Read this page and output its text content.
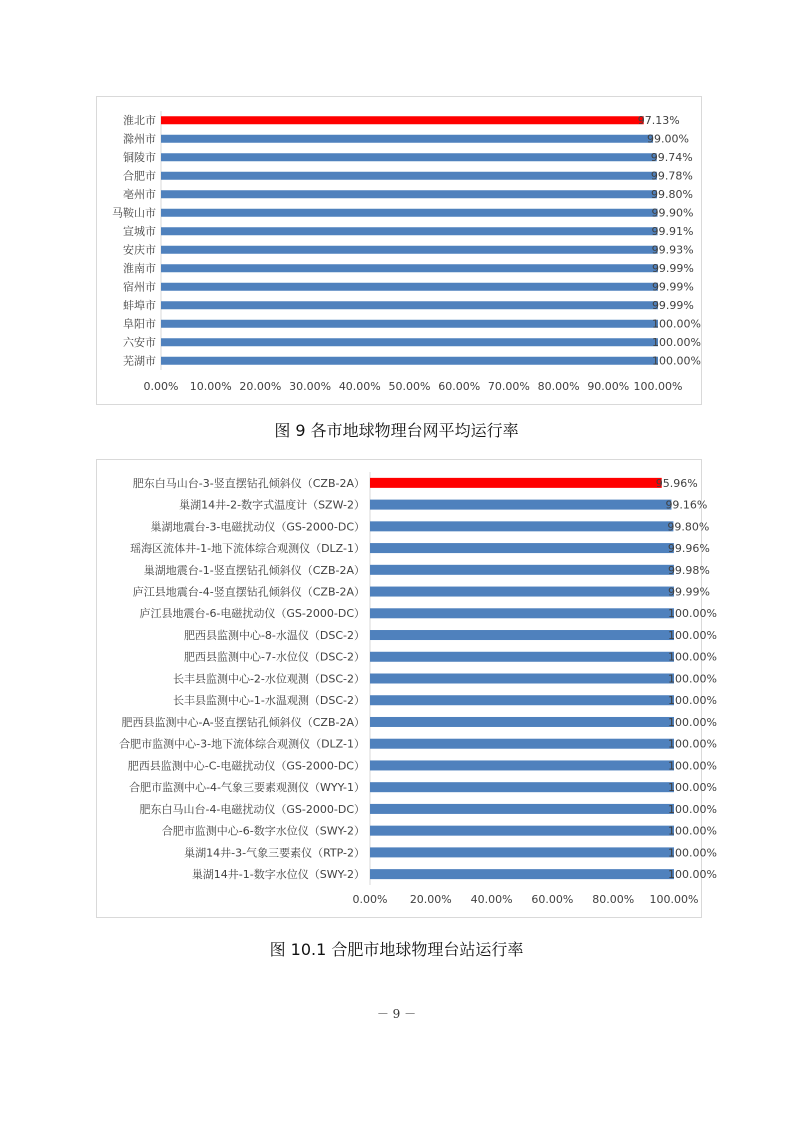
淮北市	97.13%
滁州市	99.00%
铜陵市	99.74%
合肥市	99.78%
亳州市	99.80%
马鞍山市	99.90%
宣城市	99.91%
安庆市	99.93%
淮南市	99.99%
宿州市	99.99%
蚌埠市	99.99%
阜阳市	100.00%
六安市	100.00%
芜湖市	100.00%
0.00% 10.00% 20.00% 30.00% 40.00% 50.00% 60.00% 70.00% 80.00% 90.00% 100.00%
图 9 各市地球物理台网平均运行率
肥东白马山台-3-竖直摆钻孔倾斜仪（CZB-2A）	95.96%
巢湖14井-2-数字式温度计（SZW-2）	99.16%
巢湖地震台-3-电磁扰动仪（GS-2000-DC）	99.80%
瑶海区流体井-1-地下流体综合观测仪（DLZ-1）	99.96%
巢湖地震台-1-竖直摆钻孔倾斜仪（CZB-2A）	99.98%
庐江县地震台-4-竖直摆钻孔倾斜仪（CZB-2A）	99.99%
庐江县地震台-6-电磁扰动仪（GS-2000-DC）	100.00%
肥西县监测中心-8-水温仪（DSC-2）	100.00%
肥西县监测中心-7-水位仪（DSC-2）	100.00%
长丰县监测中心-2-水位观测（DSC-2）	100.00%
长丰县监测中心-1-水温观测（DSC-2）	100.00%
肥西县监测中心-A-竖直摆钻孔倾斜仪（CZB-2A）	100.00%
合肥市监测中心-3-地下流体综合观测仪（DLZ-1）	100.00%
肥西县监测中心-C-电磁扰动仪（GS-2000-DC）	100.00%
合肥市监测中心-4-气象三要素观测仪（WYY-1）	100.00%
肥东白马山台-4-电磁扰动仪（GS-2000-DC）	100.00%
合肥市监测中心-6-数字水位仪（SWY-2）	100.00%
巢湖14井-3-气象三要素仪（RTP-2）	100.00%
巢湖14井-1-数字水位仪（SWY-2）	100.00%
0.00% 20.00% 40.00% 60.00% 80.00% 100.00%
图 10.1 合肥市地球物理台站运行率
－ 9 －
